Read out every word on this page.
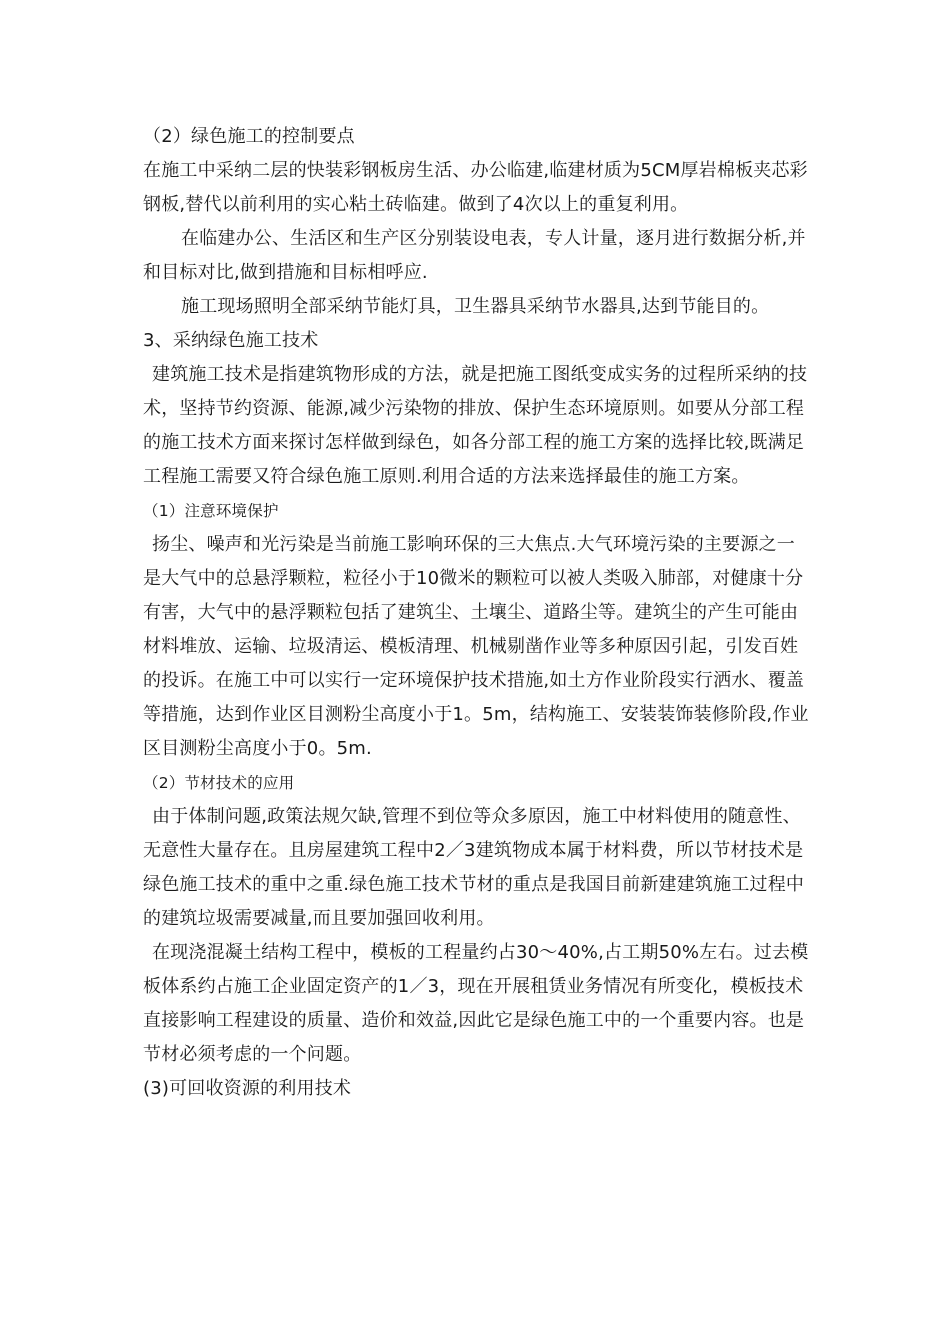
（2）绿色施工的控制要点

在施工中采纳二层的快装彩钢板房生活、办公临建,临建材质为5CM厚岩棉板夹芯彩钢板,替代以前利用的实心粘土砖临建。做到了4次以上的重复利用。

在临建办公、生活区和生产区分别装设电表，专人计量，逐月进行数据分析,并和目标对比,做到措施和目标相呼应.

施工现场照明全部采纳节能灯具，卫生器具采纳节水器具,达到节能目的。

3、采纳绿色施工技术

建筑施工技术是指建筑物形成的方法，就是把施工图纸变成实务的过程所采纳的技术，坚持节约资源、能源,减少污染物的排放、保护生态环境原则。如要从分部工程的施工技术方面来探讨怎样做到绿色，如各分部工程的施工方案的选择比较,既满足工程施工需要又符合绿色施工原则.利用合适的方法来选择最佳的施工方案。

（1）注意环境保护

扬尘、噪声和光污染是当前施工影响环保的三大焦点.大气环境污染的主要源之一是大气中的总悬浮颗粒，粒径小于10微米的颗粒可以被人类吸入肺部，对健康十分有害，大气中的悬浮颗粒包括了建筑尘、土壤尘、道路尘等。建筑尘的产生可能由材料堆放、运输、垃圾清运、模板清理、机械剔凿作业等多种原因引起，引发百姓的投诉。在施工中可以实行一定环境保护技术措施,如土方作业阶段实行洒水、覆盖等措施，达到作业区目测粉尘高度小于1。5m，结构施工、安装装饰装修阶段,作业区目测粉尘高度小于0。5m.

（2）节材技术的应用

由于体制问题,政策法规欠缺,管理不到位等众多原因，施工中材料使用的随意性、无意性大量存在。且房屋建筑工程中2／3建筑物成本属于材料费，所以节材技术是绿色施工技术的重中之重.绿色施工技术节材的重点是我国目前新建建筑施工过程中的建筑垃圾需要减量,而且要加强回收利用。

在现浇混凝土结构工程中，模板的工程量约占30～40%,占工期50%左右。过去模板体系约占施工企业固定资产的1／3，现在开展租赁业务情况有所变化，模板技术直接影响工程建设的质量、造价和效益,因此它是绿色施工中的一个重要内容。也是节材必须考虑的一个问题。

(3)可回收资源的利用技术
